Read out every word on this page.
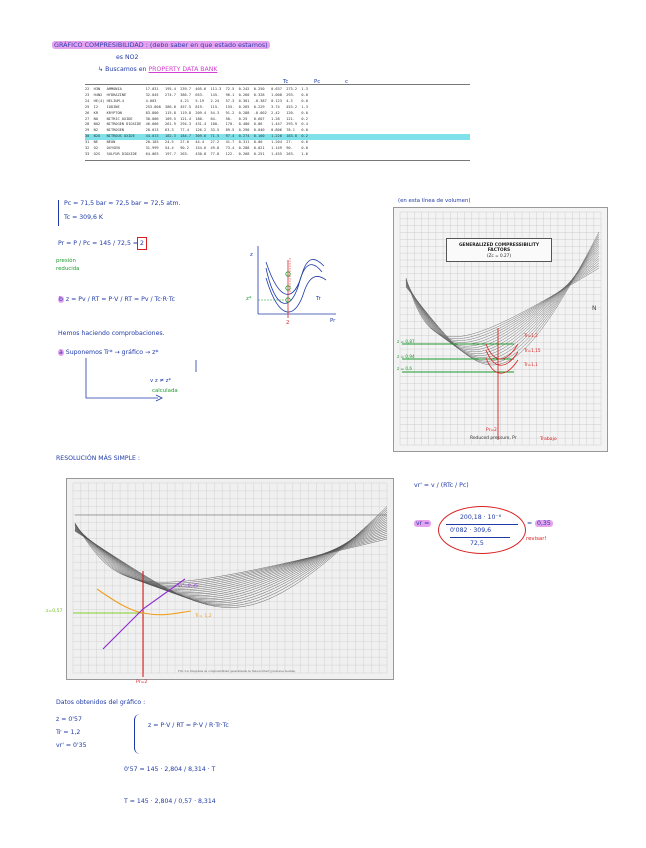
GRÁFICO COMPRESIBILIDAD : (debo saber en que estado estamos)
es NO2
↳ Buscamos en PROPERTY DATA BANK
Tc	Pc	c
22  H3N   AMMONIA           17.031   195.4  239.7  405.6  111.3  72.5  0.242  0.250   0.637  273.2  1.3
23  H4N2  HYDRAZINE         32.045   274.7  386.7  653.   145.   96.1  0.260  0.328   1.008  293.   0.0
24  HE(4) HELIUM-4          4.003           4.21   5.19   2.24   57.3  0.301  -0.387  0.123  4.3    0.0
25  I2    IODINE            253.808  386.8  457.5  819.   115.   155.  0.265  0.229   3.74   453.2  1.3
26  KR    KRYPTON           83.800   115.8  119.8  209.4  54.3   91.2  0.288  -0.002  2.42   120.   0.0
27  NO    NITRIC OXIDE      30.006   109.5  121.4  180.   64.    58.   0.25   0.607   1.28   121.   0.2
28  NO2   NITROGEN DIOXIDE  46.006   261.9  294.3  431.4  100.   170.  0.480  0.86    1.447  293.9  0.4
29  N2    NITROGEN          28.013   63.3   77.4   126.2  33.5   89.5  0.290  0.040   0.806  78.1   0.0
30  N2O   NITROUS OXIDE     44.013   182.3  184.7  309.6  71.5   97.4  0.274  0.160   1.226  183.8  0.2
31  NE    NEON              20.183   24.5   27.0   44.4   27.2   41.7  0.311  0.00    1.204  27.    0.0
32  O2    OXYGEN            31.999   54.4   90.2   154.6  49.8   73.4  0.288  0.021   1.149  90.    0.0
33  O2S   SULFUR DIOXIDE    64.063   197.7  263.   430.8  77.8   122.  0.268  0.251   1.455  263.   1.6
Pc = 71,5 bar ≈ 72,5 bar = 72,5 atm.
Tc = 309,6 K
Pr = P / Pc = 145 / 72,5 = 2
presión
reducida
b z = Pv / RT = P·V / RT = Pv / Tc·R·Tc
Hemos haciendo comprobaciones.
a Suponemos Tr* → gráfico → z*
v z ≠ z*
calculada
z
Pr
Tr
z*
2
(en esta línea de volumen)
GENERALIZED COMPRESSIBILITY FACTORS
(Zc = 0.27)
z = 0,87
z = 0,94
z = 0,6
Tr=1,2
Tr=1,15
Tr=1,1
N
Reduced pressure, Pr	Trabajo
Pr=2
RESOLUCIÓN MÁS SIMPLE :
z=0,57
Tr= 1,2
vr'=0,35
Pr=2
FIG. 3-4. Diagrama de compresibilidad generalizada de Nelson-Obert (presiones medias).
vr' = v / (RTc / Pc)
vr =
200,18 · 10⁻⁶
0'082 · 309,6
72,5
= 0,35
revisar!
Datos obtenidos del gráfico :
z = 0'57
Tr = 1,2
vr' = 0'35
z = P·V / RT = P·V / R·Tr·Tc
0'57 = 145 · 2,804 / 8,314 · T
T = 145 · 2,804 / 0,57 · 8,314
